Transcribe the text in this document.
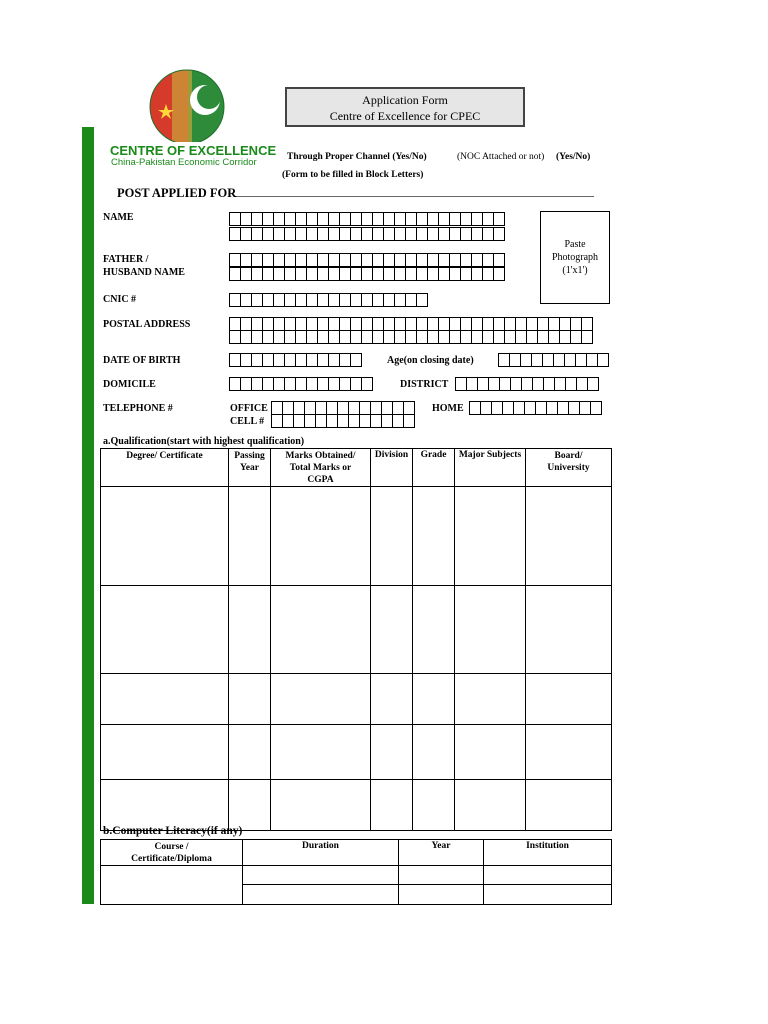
CENTRE OF EXCELLENCE
China-Pakistan Economic Corridor
Application Form
Centre of Excellence for CPEC
Through Proper Channel (Yes/No)	(NOC Attached or not) (Yes/No)
(Form to be filled in Block Letters)
POST APPLIED FOR
____________________________________________________________
NAME
FATHER /
HUSBAND NAME
CNIC #
POSTAL ADDRESS
DATE OF BIRTH	Age(on closing date)
DOMICILE	DISTRICT
TELEPHONE #	OFFICE
CELL #
HOME
Paste
Photograph
(1'x1')
a.Qualification(start with highest qualification)
Degree/ Certificate	Passing Year	Marks Obtained/ Total Marks or CGPA	Division	Grade	Major Subjects	Board/ University

b.Computer Literacy(if any)
Course / Certificate/Diploma	Duration	Year	Institution
